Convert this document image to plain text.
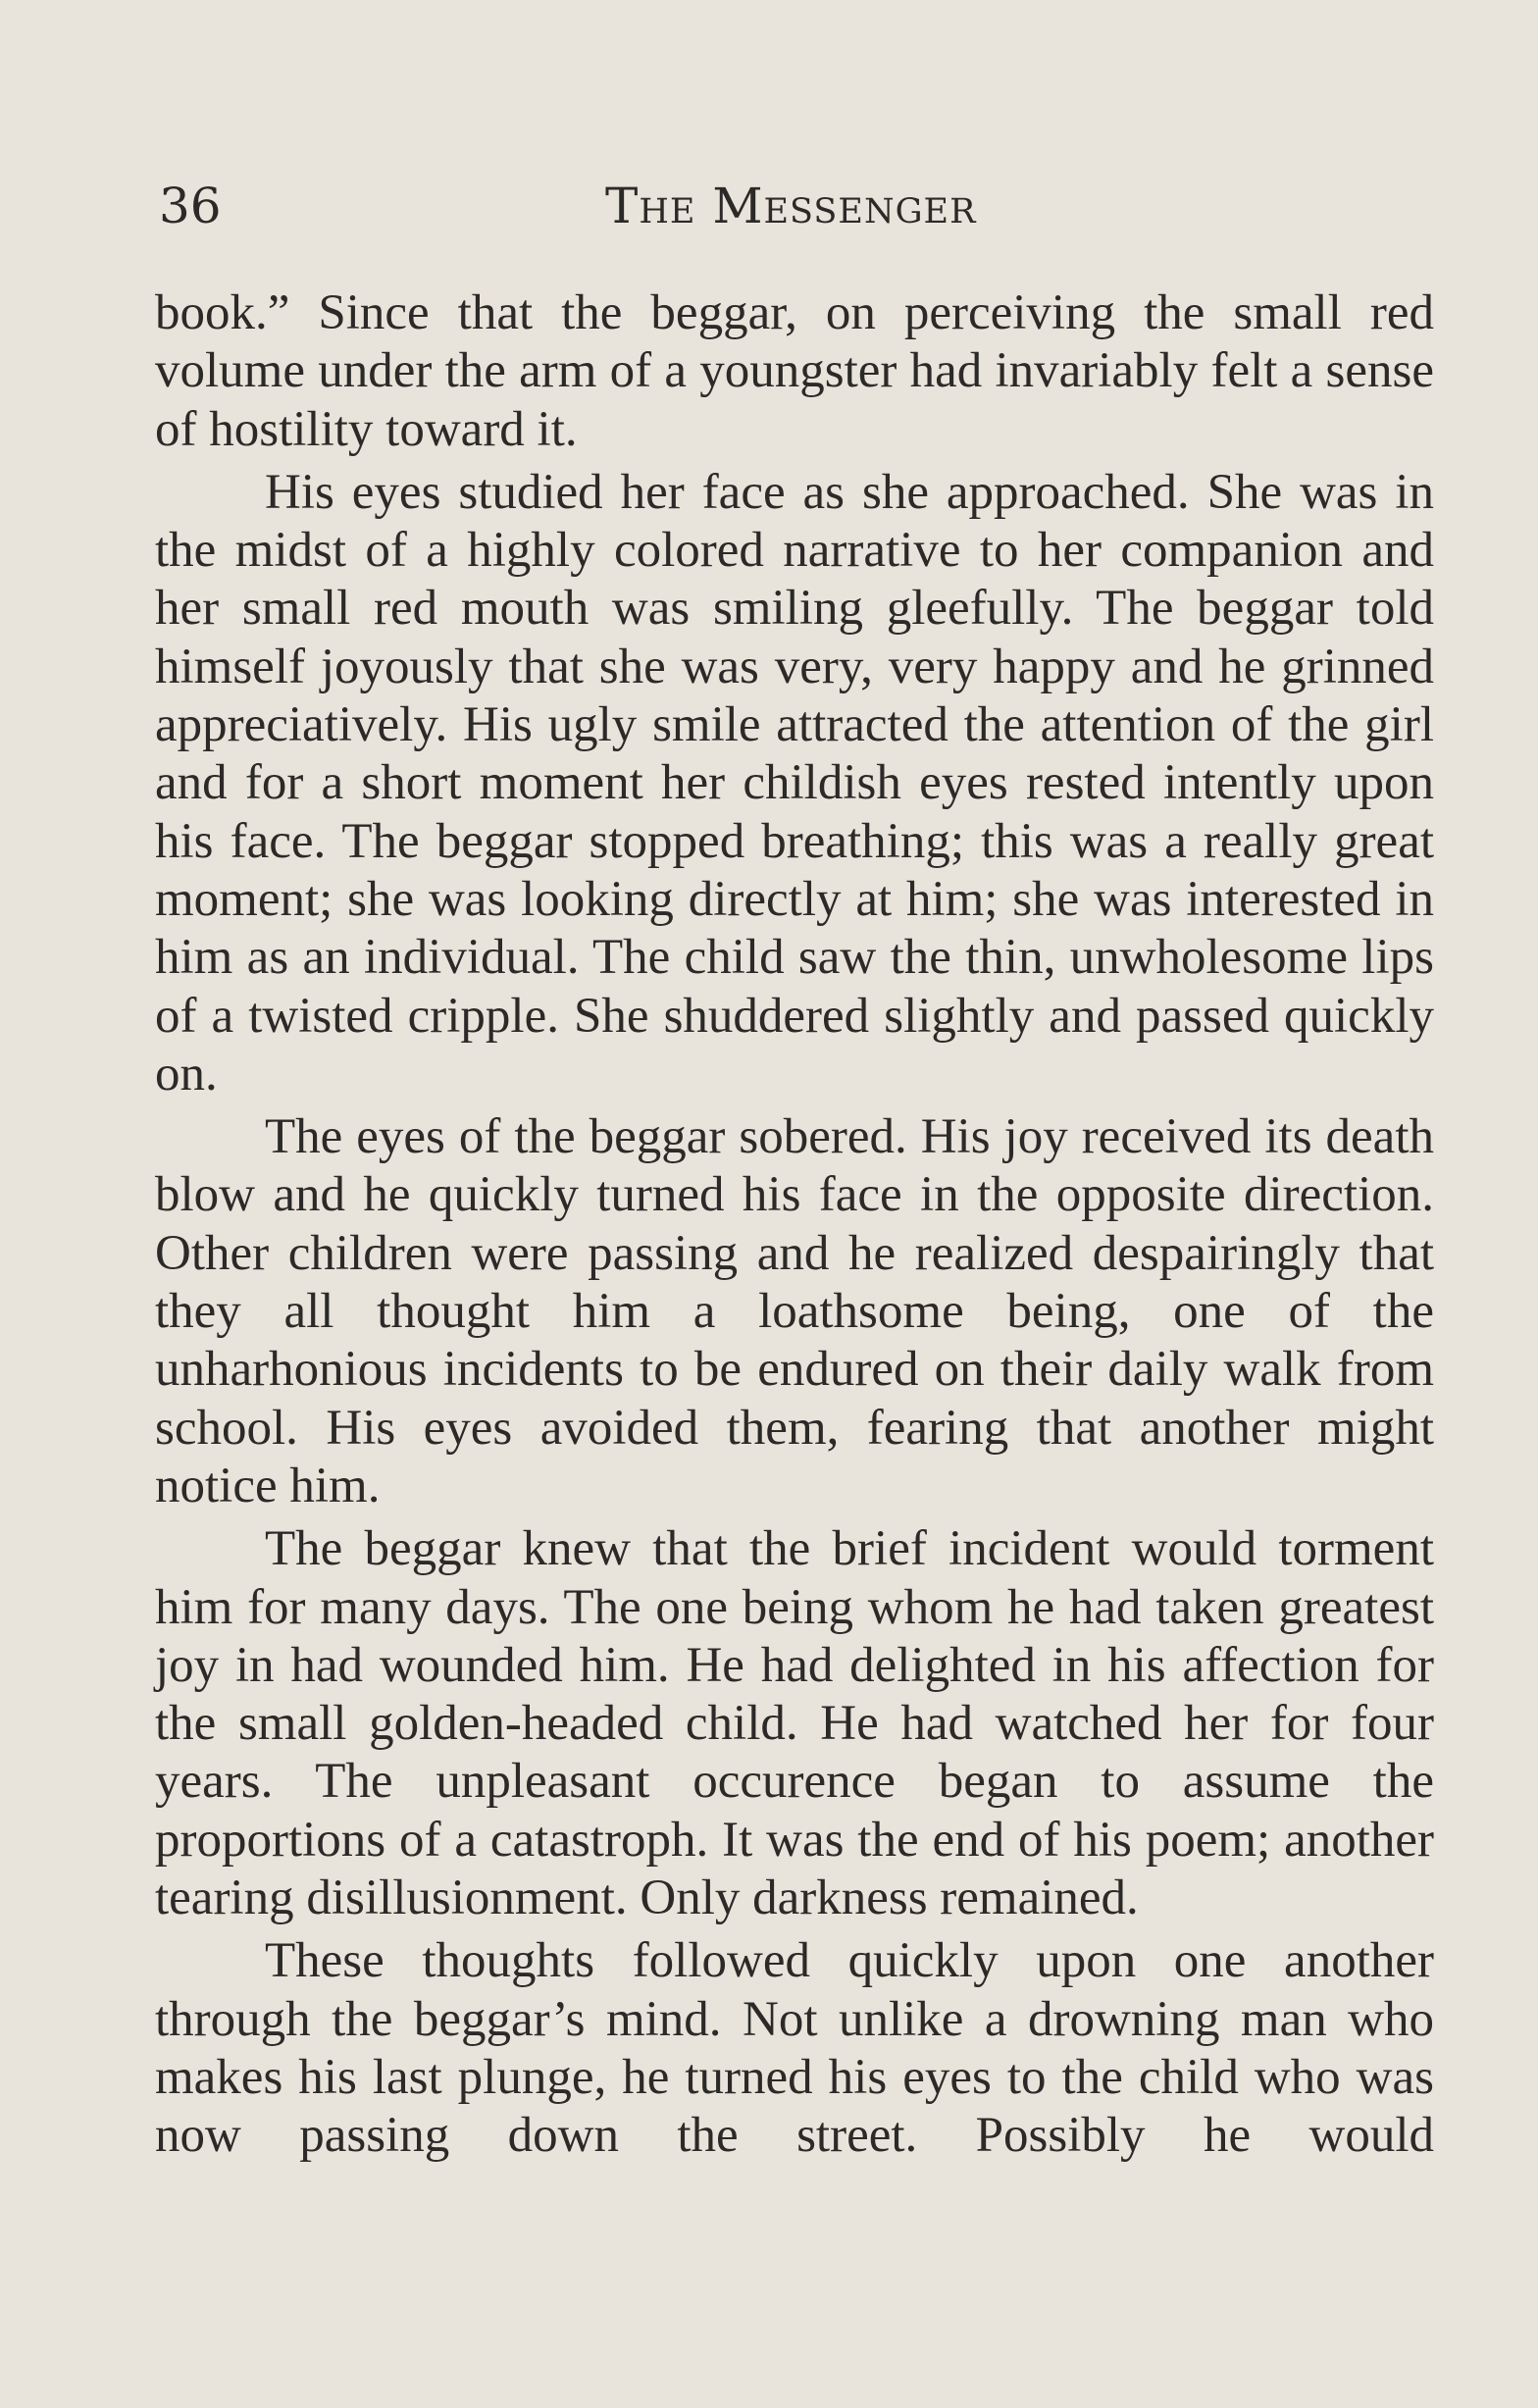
36	The Messenger

book.” Since that the beggar, on perceiving the small red volume under the arm of a youngster had invariably felt a sense of hostility toward it.

His eyes studied her face as she approached. She was in the midst of a highly colored narrative to her companion and her small red mouth was smiling gleefully. The beggar told himself joyously that she was very, very happy and he grinned appreciatively. His ugly smile attracted the attention of the girl and for a short moment her childish eyes rested intently upon his face. The beggar stopped breathing; this was a really great moment; she was looking directly at him; she was interested in him as an individual. The child saw the thin, unwholesome lips of a twisted cripple. She shuddered slightly and passed quickly on.

The eyes of the beggar sobered. His joy received its death blow and he quickly turned his face in the opposite direction. Other children were passing and he realized despairingly that they all thought him a loathsome being, one of the unharhonious incidents to be endured on their daily walk from school. His eyes avoided them, fearing that another might notice him.

The beggar knew that the brief incident would torment him for many days. The one being whom he had taken greatest joy in had wounded him. He had delighted in his affection for the small golden-headed child. He had watched her for four years. The unpleasant occurence began to assume the proportions of a catastroph. It was the end of his poem; another tearing disillusionment. Only darkness remained.

These thoughts followed quickly upon one another through the beggar’s mind. Not unlike a drowning man who makes his last plunge, he turned his eyes to the child who was now passing down the street. Possibly he would
